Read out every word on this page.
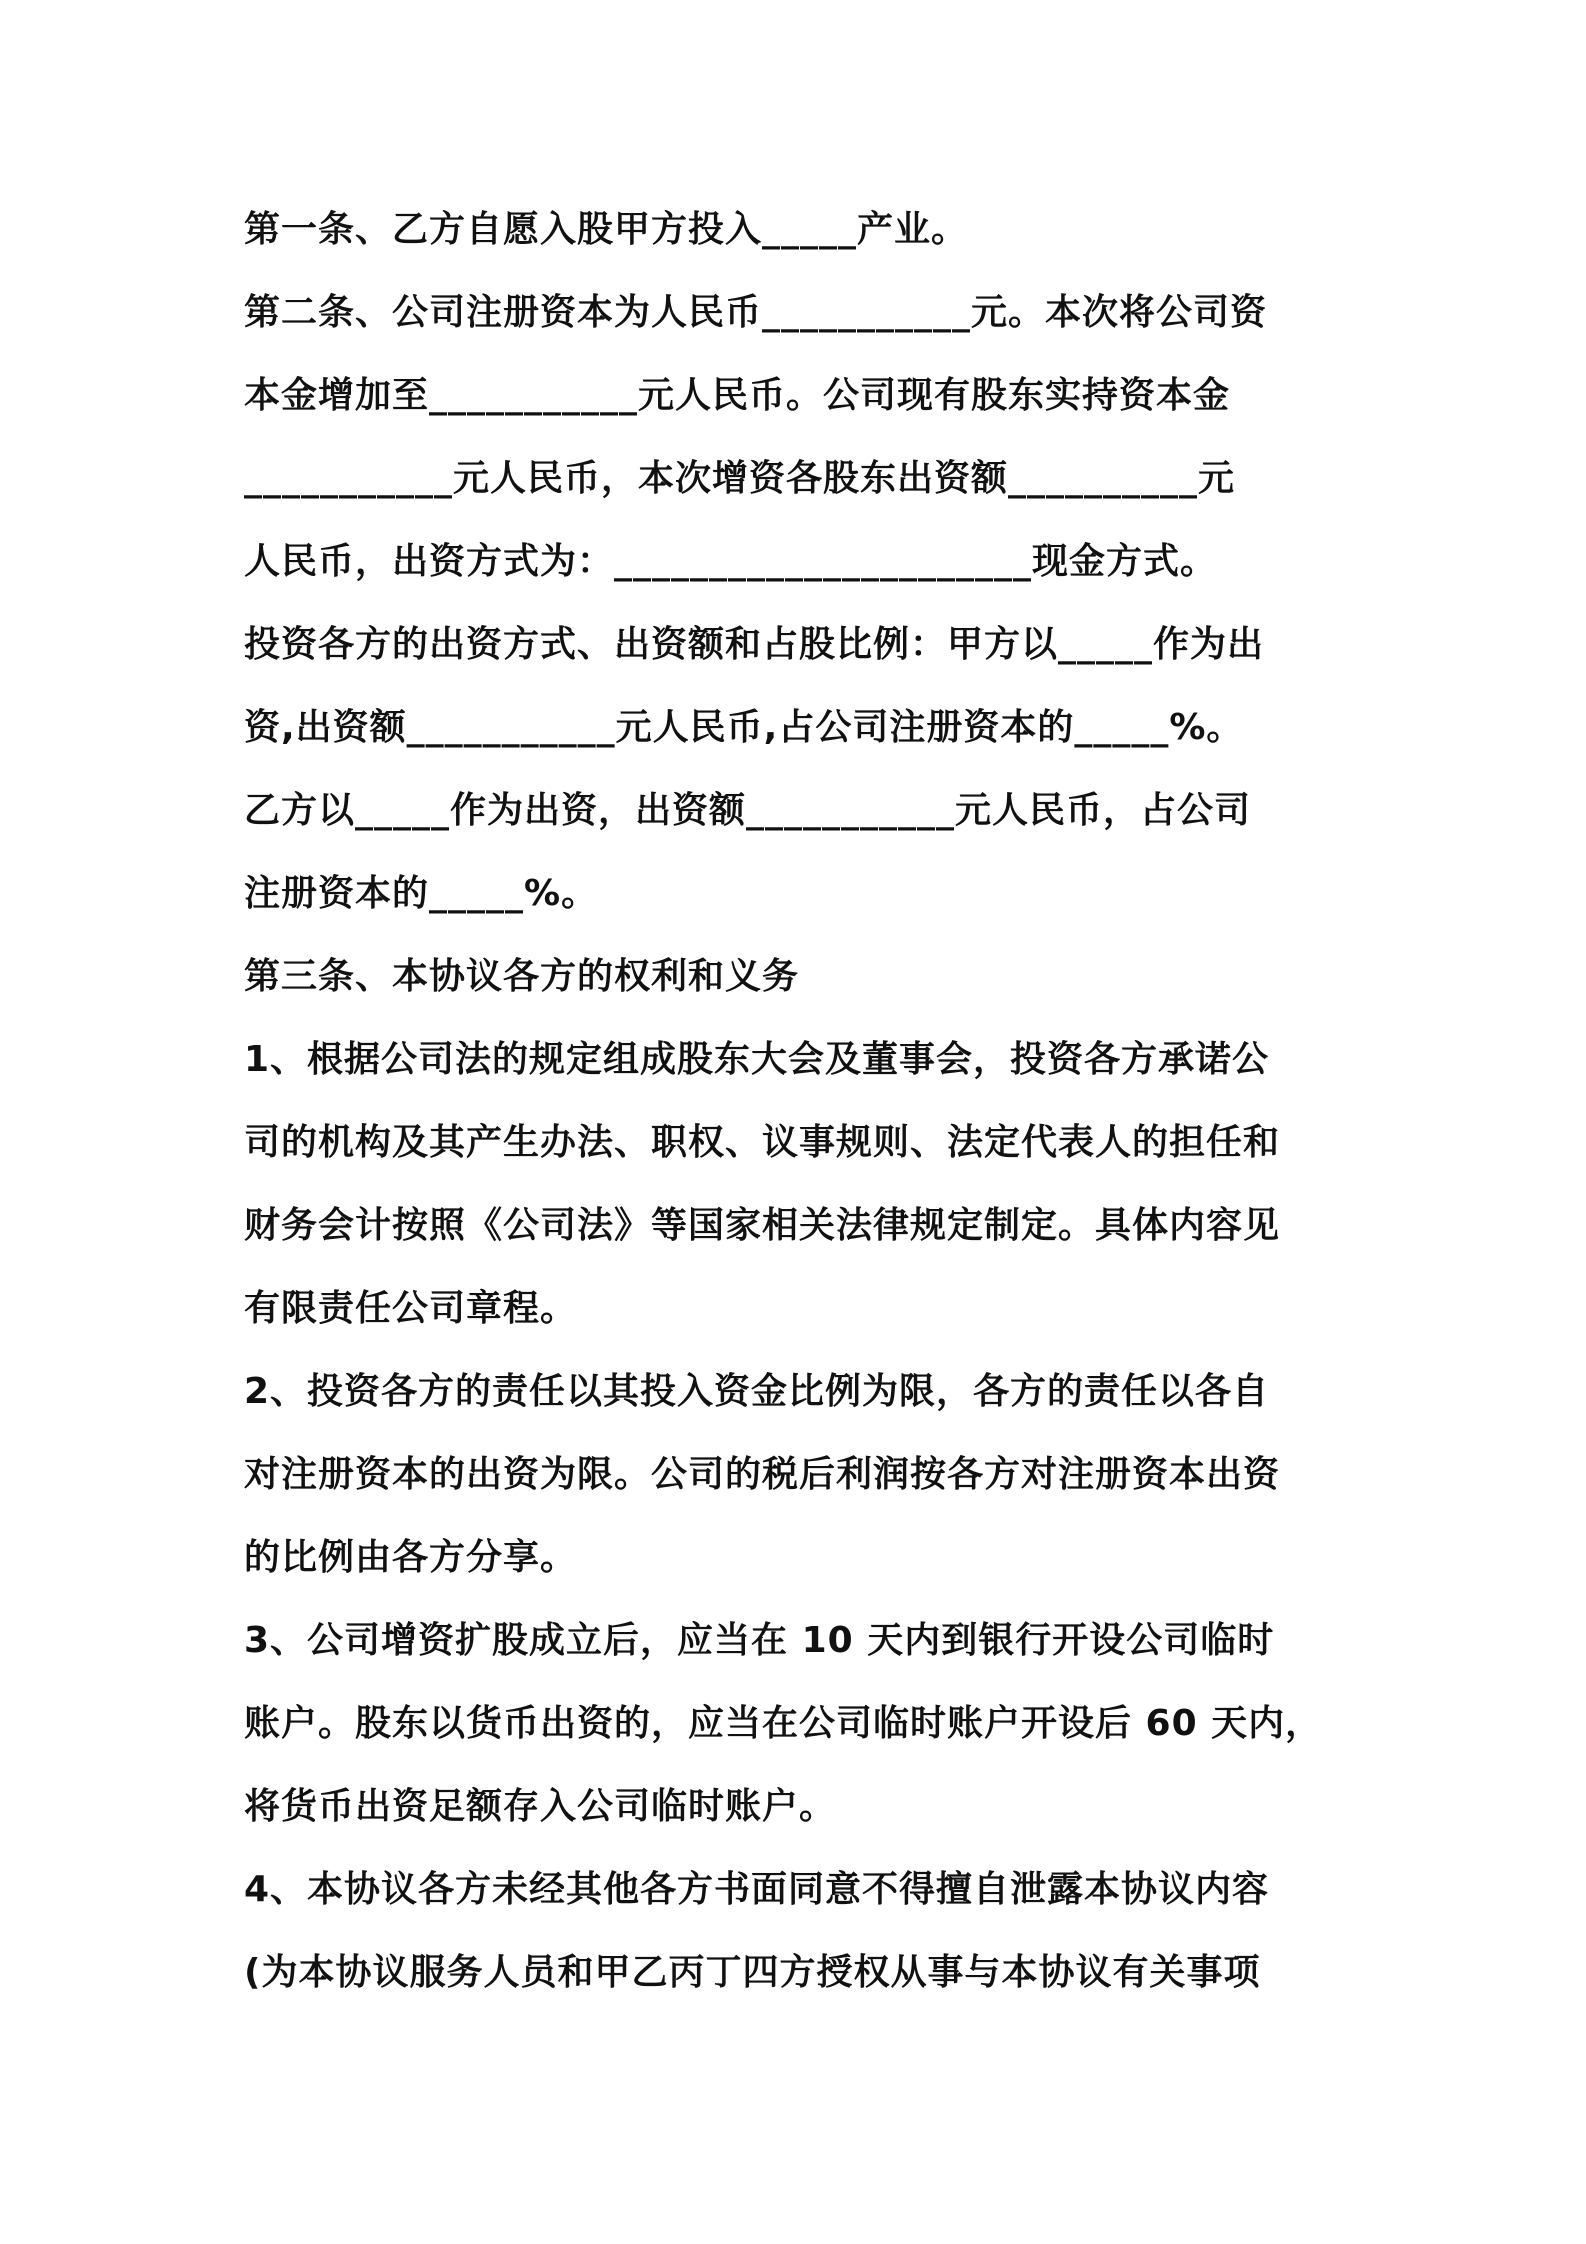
第一条、乙方自愿入股甲方投入_____产业。
第二条、公司注册资本为人民币___________元。本次将公司资
本金增加至___________元人民币。公司现有股东实持资本金
___________元人民币，本次增资各股东出资额__________元
人民币，出资方式为：______________________现金方式。
投资各方的出资方式、出资额和占股比例：甲方以_____作为出
资,出资额___________元人民币,占公司注册资本的_____%。
乙方以_____作为出资，出资额___________元人民币，占公司
注册资本的_____%。
第三条、本协议各方的权利和义务
1、根据公司法的规定组成股东大会及董事会，投资各方承诺公
司的机构及其产生办法、职权、议事规则、法定代表人的担任和
财务会计按照《公司法》等国家相关法律规定制定。具体内容见
有限责任公司章程。
2、投资各方的责任以其投入资金比例为限，各方的责任以各自
对注册资本的出资为限。公司的税后利润按各方对注册资本出资
的比例由各方分享。
3、公司增资扩股成立后，应当在 10 天内到银行开设公司临时
账户。股东以货币出资的，应当在公司临时账户开设后 60 天内，
将货币出资足额存入公司临时账户。
4、本协议各方未经其他各方书面同意不得擅自泄露本协议内容
(为本协议服务人员和甲乙丙丁四方授权从事与本协议有关事项
